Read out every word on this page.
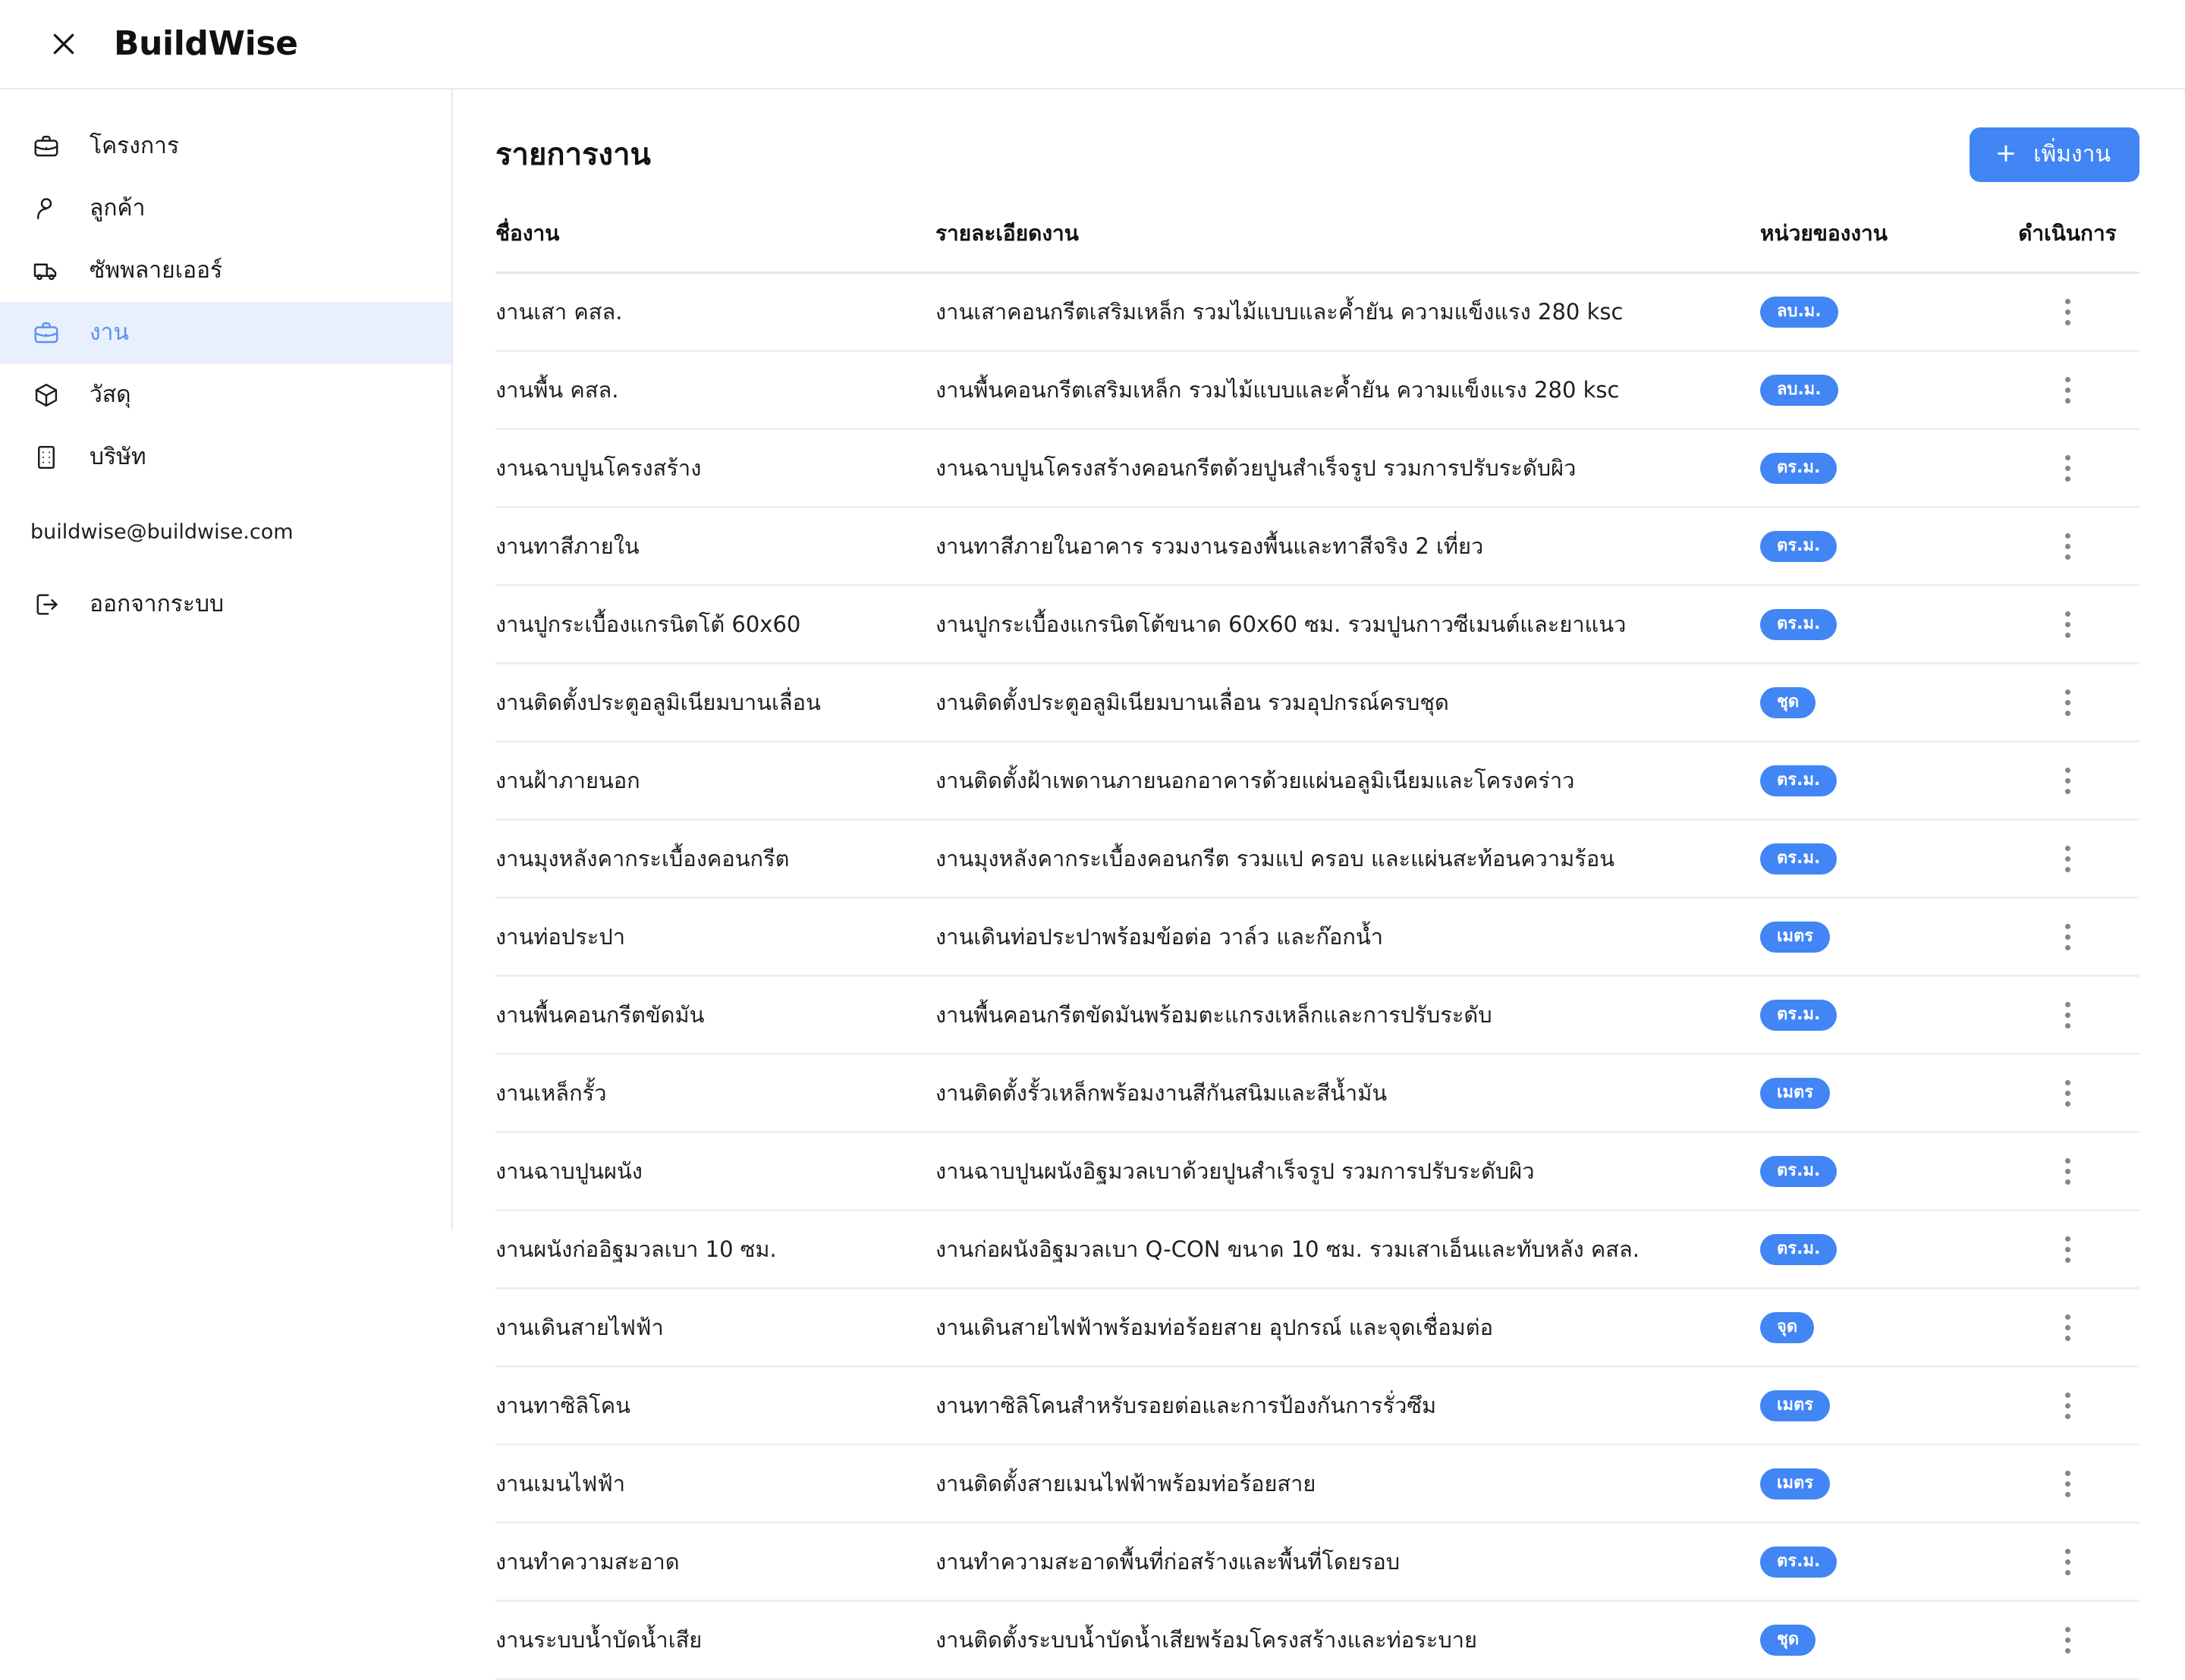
BuildWise
โครงการ
ลูกค้า
ซัพพลายเออร์
งาน
วัสดุ
บริษัท
buildwise@buildwise.com
ออกจากระบบ
รายการงาน	+ เพิ่มงาน
ชื่องาน	รายละเอียดงาน	หน่วยของงาน	ดำเนินการ
งานเสา คสล.	งานเสาคอนกรีตเสริมเหล็ก รวมไม้แบบและค้ำยัน ความแข็งแรง 280 ksc	ลบ.ม.	

งานพื้น คสล.	งานพื้นคอนกรีตเสริมเหล็ก รวมไม้แบบและค้ำยัน ความแข็งแรง 280 ksc	ลบ.ม.	

งานฉาบปูนโครงสร้าง	งานฉาบปูนโครงสร้างคอนกรีตด้วยปูนสำเร็จรูป รวมการปรับระดับผิว	ตร.ม.	

งานทาสีภายใน	งานทาสีภายในอาคาร รวมงานรองพื้นและทาสีจริง 2 เที่ยว	ตร.ม.	

งานปูกระเบื้องแกรนิตโต้ 60x60	งานปูกระเบื้องแกรนิตโต้ขนาด 60x60 ซม. รวมปูนกาวซีเมนต์และยาแนว	ตร.ม.	

งานติดตั้งประตูอลูมิเนียมบานเลื่อน	งานติดตั้งประตูอลูมิเนียมบานเลื่อน รวมอุปกรณ์ครบชุด	ชุด	

งานฝ้าภายนอก	งานติดตั้งฝ้าเพดานภายนอกอาคารด้วยแผ่นอลูมิเนียมและโครงคร่าว	ตร.ม.	

งานมุงหลังคากระเบื้องคอนกรีต	งานมุงหลังคากระเบื้องคอนกรีต รวมแป ครอบ และแผ่นสะท้อนความร้อน	ตร.ม.	

งานท่อประปา	งานเดินท่อประปาพร้อมข้อต่อ วาล์ว และก๊อกน้ำ	เมตร	

งานพื้นคอนกรีตขัดมัน	งานพื้นคอนกรีตขัดมันพร้อมตะแกรงเหล็กและการปรับระดับ	ตร.ม.	

งานเหล็กรั้ว	งานติดตั้งรั้วเหล็กพร้อมงานสีกันสนิมและสีน้ำมัน	เมตร	

งานฉาบปูนผนัง	งานฉาบปูนผนังอิฐมวลเบาด้วยปูนสำเร็จรูป รวมการปรับระดับผิว	ตร.ม.	

งานผนังก่ออิฐมวลเบา 10 ซม.	งานก่อผนังอิฐมวลเบา Q-CON ขนาด 10 ซม. รวมเสาเอ็นและทับหลัง คสล.	ตร.ม.	

งานเดินสายไฟฟ้า	งานเดินสายไฟฟ้าพร้อมท่อร้อยสาย อุปกรณ์ และจุดเชื่อมต่อ	จุด	

งานทาซิลิโคน	งานทาซิลิโคนสำหรับรอยต่อและการป้องกันการรั่วซึม	เมตร	

งานเมนไฟฟ้า	งานติดตั้งสายเมนไฟฟ้าพร้อมท่อร้อยสาย	เมตร	

งานทำความสะอาด	งานทำความสะอาดพื้นที่ก่อสร้างและพื้นที่โดยรอบ	ตร.ม.	

งานระบบน้ำบัดน้ำเสีย	งานติดตั้งระบบน้ำบัดน้ำเสียพร้อมโครงสร้างและท่อระบาย	ชุด	
